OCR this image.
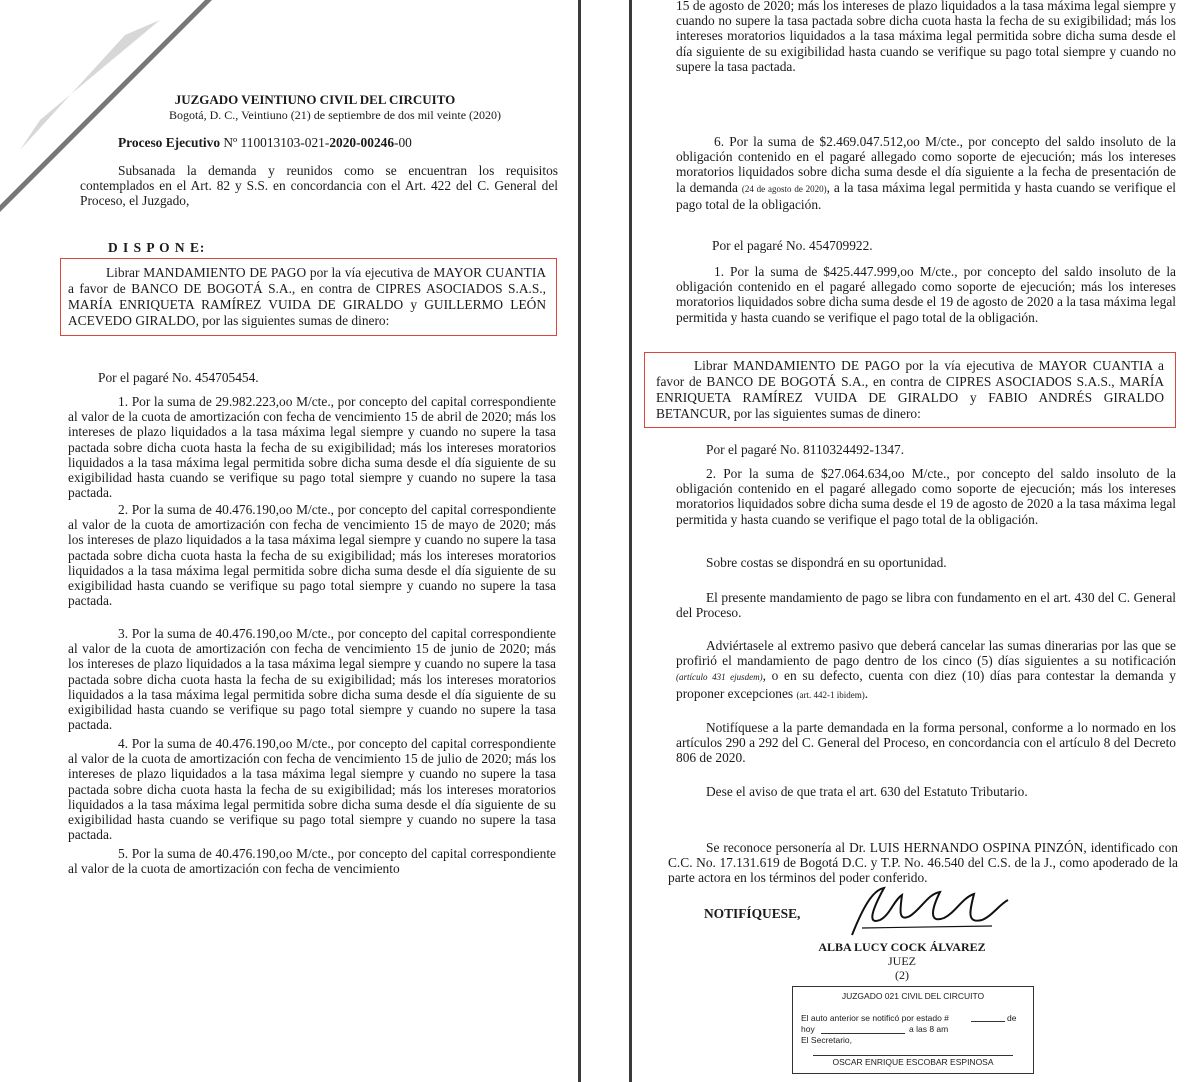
JUZGADO VEINTIUNO CIVIL DEL CIRCUITO

Bogotá, D. C., Veintiuno (21) de septiembre de dos mil veinte (2020)

Proceso Ejecutivo Nº 110013103-021-2020-00246-00

Subsanada la demanda y reunidos como se encuentran los requisitos contemplados en el Art. 82 y S.S. en concordancia con el Art. 422 del C. General del Proceso, el Juzgado,

D I S P O N E:

Librar MANDAMIENTO DE PAGO por la vía ejecutiva de MAYOR CUANTIA a favor de BANCO DE BOGOTÁ S.A., en contra de CIPRES ASOCIADOS S.A.S., MARÍA ENRIQUETA RAMÍREZ VUIDA DE GIRALDO y GUILLERMO LEÓN ACEVEDO GIRALDO, por las siguientes sumas de dinero:

Por el pagaré No. 454705454.

1. Por la suma de 29.982.223,oo M/cte., por concepto del capital correspondiente al valor de la cuota de amortización con fecha de vencimiento 15 de abril de 2020; más los intereses de plazo liquidados a la tasa máxima legal siempre y cuando no supere la tasa pactada sobre dicha cuota hasta la fecha de su exigibilidad; más los intereses moratorios liquidados a la tasa máxima legal permitida sobre dicha suma desde el día siguiente de su exigibilidad hasta cuando se verifique su pago total siempre y cuando no supere la tasa pactada.

2. Por la suma de 40.476.190,oo M/cte., por concepto del capital correspondiente al valor de la cuota de amortización con fecha de vencimiento 15 de mayo de 2020; más los intereses de plazo liquidados a la tasa máxima legal siempre y cuando no supere la tasa pactada sobre dicha cuota hasta la fecha de su exigibilidad; más los intereses moratorios liquidados a la tasa máxima legal permitida sobre dicha suma desde el día siguiente de su exigibilidad hasta cuando se verifique su pago total siempre y cuando no supere la tasa pactada.

3. Por la suma de 40.476.190,oo M/cte., por concepto del capital correspondiente al valor de la cuota de amortización con fecha de vencimiento 15 de junio de 2020; más los intereses de plazo liquidados a la tasa máxima legal siempre y cuando no supere la tasa pactada sobre dicha cuota hasta la fecha de su exigibilidad; más los intereses moratorios liquidados a la tasa máxima legal permitida sobre dicha suma desde el día siguiente de su exigibilidad hasta cuando se verifique su pago total siempre y cuando no supere la tasa pactada.

4. Por la suma de 40.476.190,oo M/cte., por concepto del capital correspondiente al valor de la cuota de amortización con fecha de vencimiento 15 de julio de 2020; más los intereses de plazo liquidados a la tasa máxima legal siempre y cuando no supere la tasa pactada sobre dicha cuota hasta la fecha de su exigibilidad; más los intereses moratorios liquidados a la tasa máxima legal permitida sobre dicha suma desde el día siguiente de su exigibilidad hasta cuando se verifique su pago total siempre y cuando no supere la tasa pactada.

5. Por la suma de 40.476.190,oo M/cte., por concepto del capital correspondiente al valor de la cuota de amortización con fecha de vencimiento

15 de agosto de 2020; más los intereses de plazo liquidados a la tasa máxima legal siempre y cuando no supere la tasa pactada sobre dicha cuota hasta la fecha de su exigibilidad; más los intereses moratorios liquidados a la tasa máxima legal permitida sobre dicha suma desde el día siguiente de su exigibilidad hasta cuando se verifique su pago total siempre y cuando no supere la tasa pactada.

6. Por la suma de $2.469.047.512,oo M/cte., por concepto del saldo insoluto de la obligación contenido en el pagaré allegado como soporte de ejecución; más los intereses moratorios liquidados sobre dicha suma desde el día siguiente a la fecha de presentación de la demanda (24 de agosto de 2020), a la tasa máxima legal permitida y hasta cuando se verifique el pago total de la obligación.

Por el pagaré No. 454709922.

1. Por la suma de $425.447.999,oo M/cte., por concepto del saldo insoluto de la obligación contenido en el pagaré allegado como soporte de ejecución; más los intereses moratorios liquidados sobre dicha suma desde el 19 de agosto de 2020 a la tasa máxima legal permitida y hasta cuando se verifique el pago total de la obligación.

Librar MANDAMIENTO DE PAGO por la vía ejecutiva de MAYOR CUANTIA a favor de BANCO DE BOGOTÁ S.A., en contra de CIPRES ASOCIADOS S.A.S., MARÍA ENRIQUETA RAMÍREZ VUIDA DE GIRALDO y FABIO ANDRÉS GIRALDO BETANCUR, por las siguientes sumas de dinero:

Por el pagaré No. 8110324492-1347.

2. Por la suma de $27.064.634,oo M/cte., por concepto del saldo insoluto de la obligación contenido en el pagaré allegado como soporte de ejecución; más los intereses moratorios liquidados sobre dicha suma desde el 19 de agosto de 2020 a la tasa máxima legal permitida y hasta cuando se verifique el pago total de la obligación.

Sobre costas se dispondrá en su oportunidad.

El presente mandamiento de pago se libra con fundamento en el art. 430 del C. General del Proceso.

Adviértasele al extremo pasivo que deberá cancelar las sumas dinerarias por las que se profirió el mandamiento de pago dentro de los cinco (5) días siguientes a su notificación (artículo 431 ejusdem), o en su defecto, cuenta con diez (10) días para contestar la demanda y proponer excepciones (art. 442-1 ibidem).

Notifíquese a la parte demandada en la forma personal, conforme a lo normado en los artículos 290 a 292 del C. General del Proceso, en concordancia con el artículo 8 del Decreto 806 de 2020.

Dese el aviso de que trata el art. 630 del Estatuto Tributario.

Se reconoce personería al Dr. LUIS HERNANDO OSPINA PINZÓN, identificado con C.C. No. 17.131.619 de Bogotá D.C. y T.P. No. 46.540 del C.S. de la J., como apoderado de la parte actora en los términos del poder conferido.

NOTIFÍQUESE,

ALBA LUCY COCK ÁLVAREZ

JUEZ

(2)

JUZGADO 021 CIVIL DEL CIRCUITO
El auto anterior se notificó por estado #	de
hoy	a las 8 am
El Secretario,
OSCAR ENRIQUE ESCOBAR ESPINOSA
